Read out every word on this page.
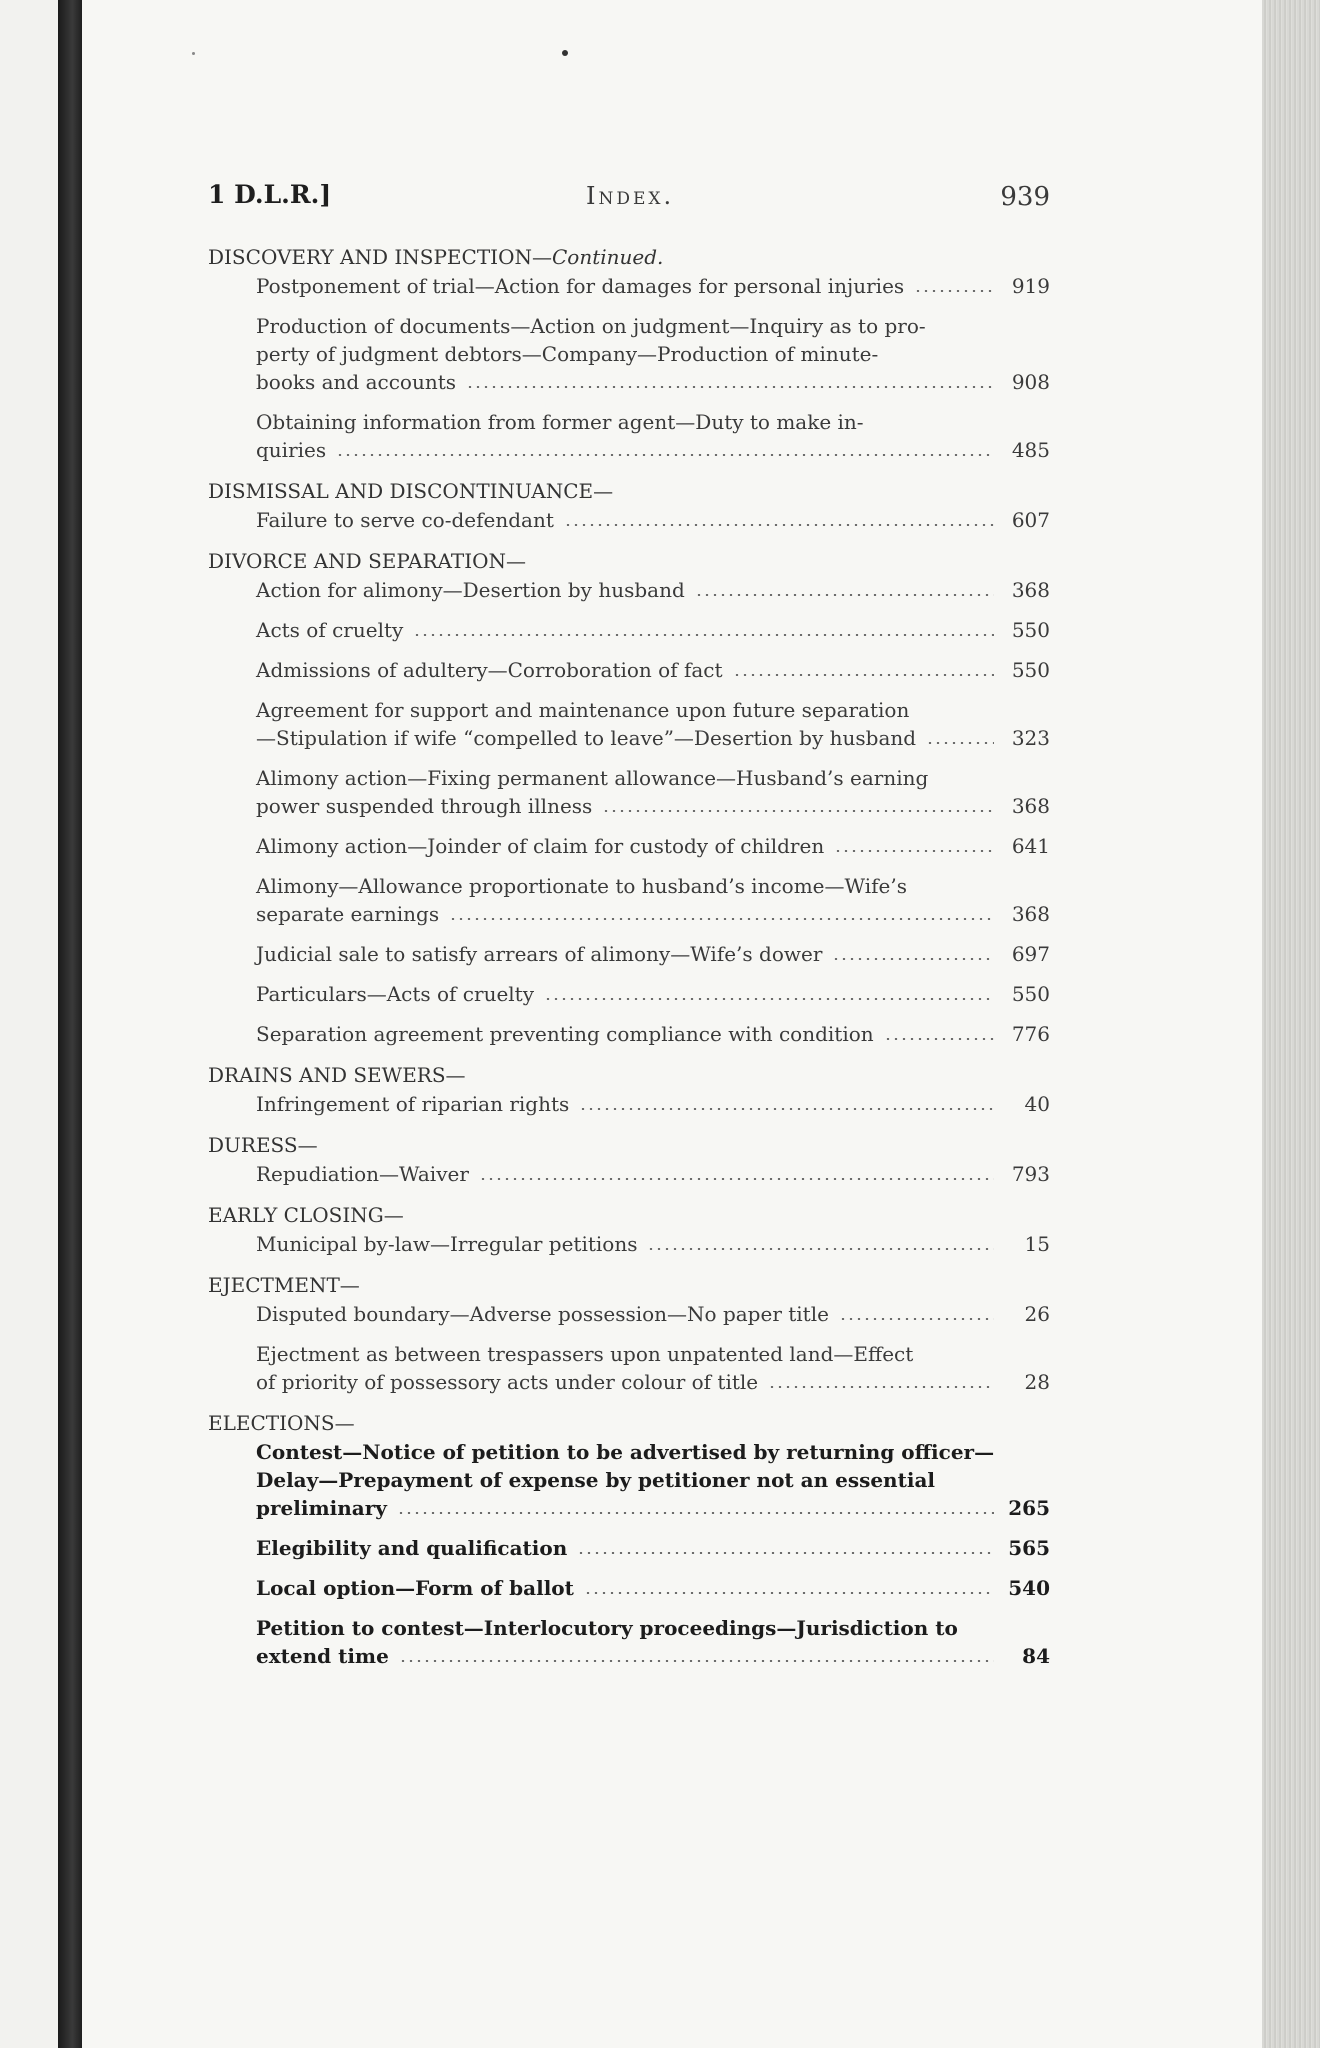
1 D.L.R.]	Index.	939
DISCOVERY AND INSPECTION—Continued.
Postponement of trial—Action for damages for personal injuries	919
Production of documents—Action on judgment—Inquiry as to pro-
perty of judgment debtors—Company—Production of minute-
books and accounts	908
Obtaining information from former agent—Duty to make in-
quiries	485
DISMISSAL AND DISCONTINUANCE—
Failure to serve co-defendant	607
DIVORCE AND SEPARATION—
Action for alimony—Desertion by husband	368
Acts of cruelty	550
Admissions of adultery—Corroboration of fact	550
Agreement for support and maintenance upon future separation
—Stipulation if wife “compelled to leave”—Desertion by husband	323
Alimony action—Fixing permanent allowance—Husband’s earning
power suspended through illness	368
Alimony action—Joinder of claim for custody of children	641
Alimony—Allowance proportionate to husband’s income—Wife’s
separate earnings	368
Judicial sale to satisfy arrears of alimony—Wife’s dower	697
Particulars—Acts of cruelty	550
Separation agreement preventing compliance with condition	776
DRAINS AND SEWERS—
Infringement of riparian rights	40
DURESS—
Repudiation—Waiver	793
EARLY CLOSING—
Municipal by-law—Irregular petitions	15
EJECTMENT—
Disputed boundary—Adverse possession—No paper title	26
Ejectment as between trespassers upon unpatented land—Effect
of priority of possessory acts under colour of title	28
ELECTIONS—
Contest—Notice of petition to be advertised by returning officer—
Delay—Prepayment of expense by petitioner not an essential
preliminary	265
Elegibility and qualification	565
Local option—Form of ballot	540
Petition to contest—Interlocutory proceedings—Jurisdiction to
extend time	84
